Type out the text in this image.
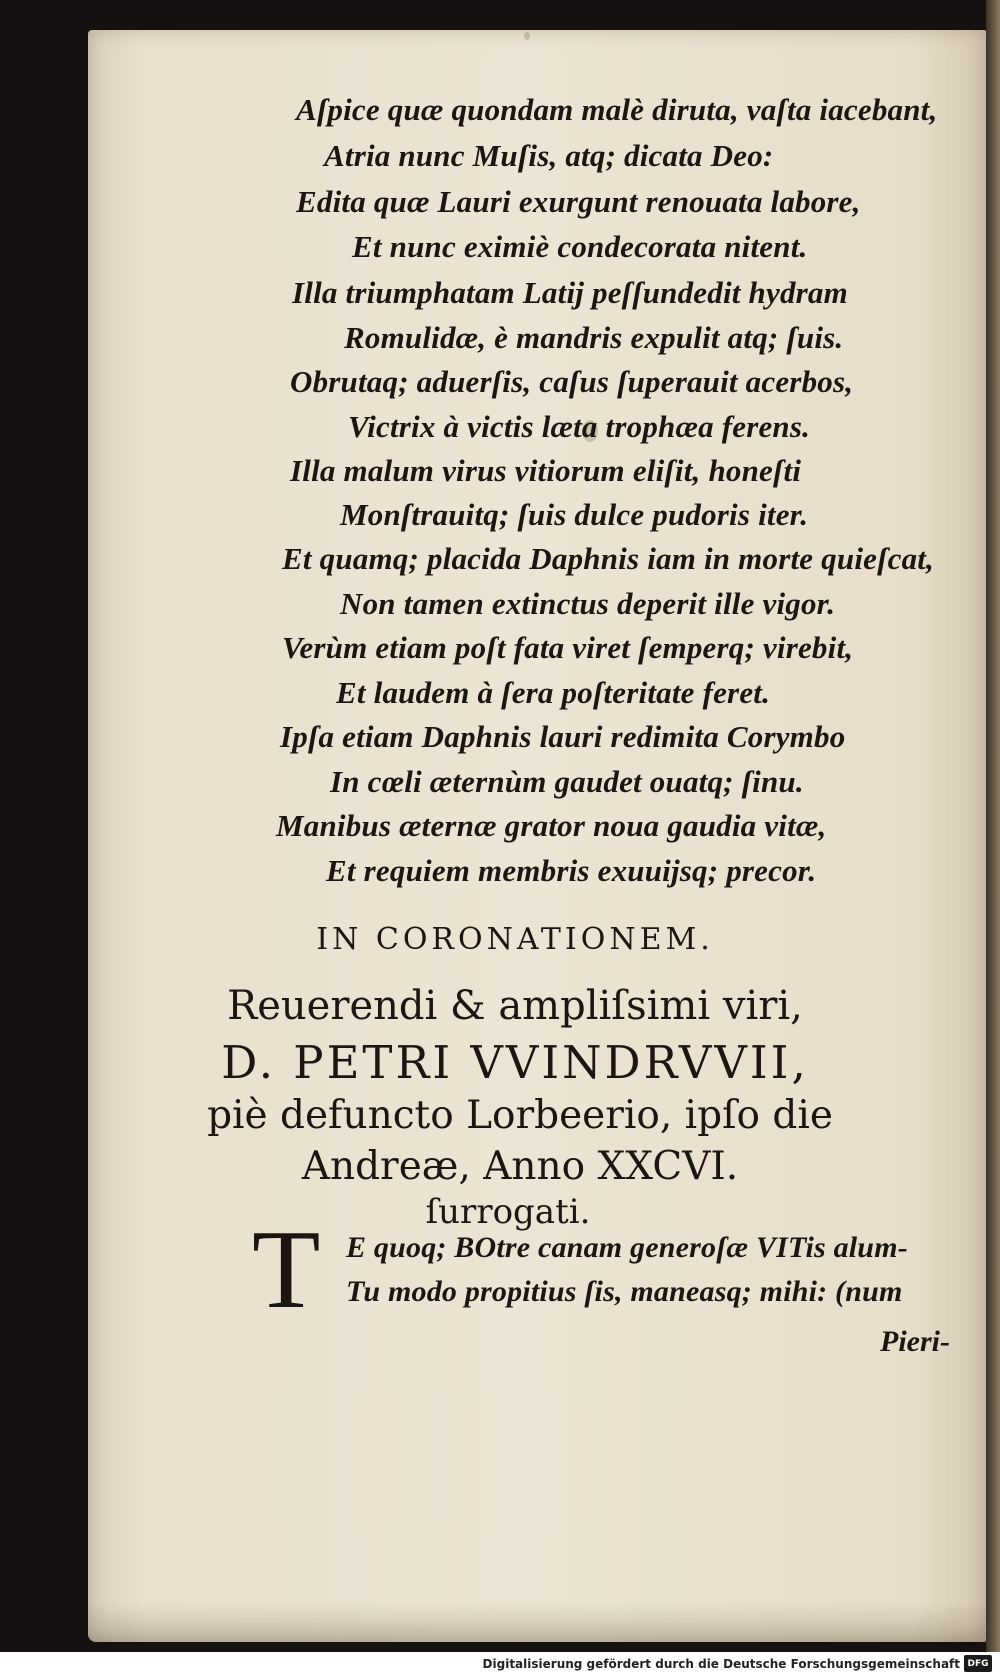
Aſpice quæ quondam malè diruta, vaſta iacebant,
Atria nunc Muſis, atq; dicata Deo:
Edita quæ Lauri exurgunt renouata labore,
Et nunc eximiè condecorata nitent.
Illa triumphatam Latij peſſundedit hydram
Romulidæ, è mandris expulit atq; ſuis.
Obrutaq; aduerſis, caſus ſuperauit acerbos,
Victrix à victis læta trophæa ferens.
Illa malum virus vitiorum eliſit, honeſti
Monſtrauitq; ſuis dulce pudoris iter.
Et quamq; placida Daphnis iam in morte quieſcat,
Non tamen extinctus deperit ille vigor.
Verùm etiam poſt fata viret ſemperq; virebit,
Et laudem à ſera poſteritate feret.
Ipſa etiam Daphnis lauri redimita Corymbo
In cœli æternùm gaudet ouatq; ſinu.
Manibus æternæ grator noua gaudia vitæ,
Et requiem membris exuuijsq; precor.
IN CORONATIONEM.
Reuerendi & ampliſsimi viri,
D. PETRI VVINDRVVII,
piè defuncto Lorbeerio, ipſo die
Andreæ, Anno XXCVI.
ſurrogati.
T E quoq; BOtre canam generoſæ VITis alum-
Tu modo propitius ſis, maneasq; mihi: (num
Pieri-
Digitalisierung gefördert durch die Deutsche Forschungsgemeinschaft DFG
